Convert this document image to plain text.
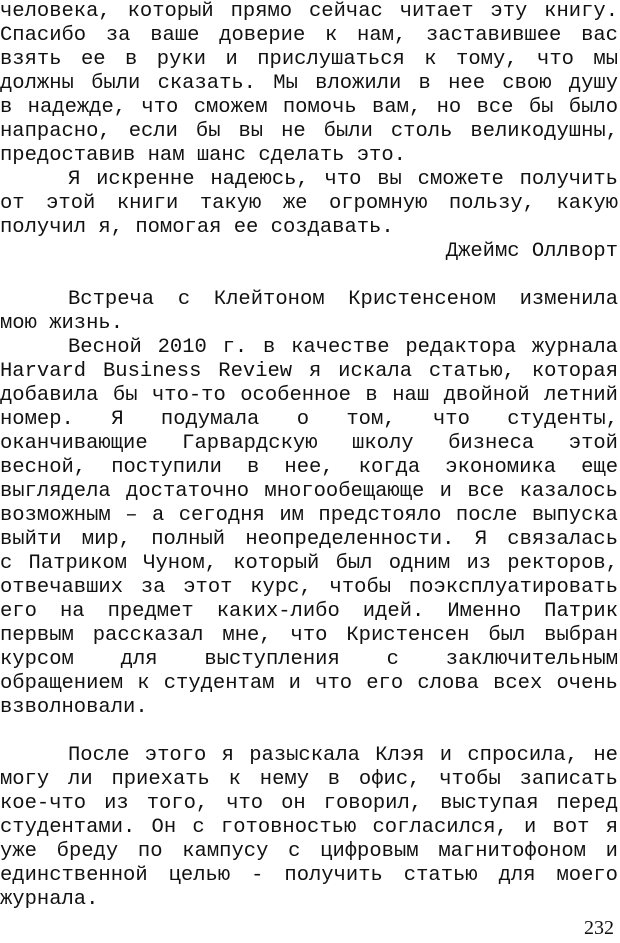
человека, который прямо сейчас читает эту книгу.
Спасибо за ваше доверие к нам, заставившее вас
взять ее в руки и прислушаться к тому, что мы
должны были сказать. Мы вложили в нее свою душу
в надежде, что сможем помочь вам, но все бы было
напрасно, если бы вы не были столь великодушны,
предоставив нам шанс сделать это.
Я искренне надеюсь, что вы сможете получить
от этой книги такую же огромную пользу, какую
получил я, помогая ее создавать.
Джеймс Оллворт
Встреча с Клейтоном Кристенсеном изменила
мою жизнь.
Весной 2010 г. в качестве редактора журнала
Harvard Business Review я искала статью, которая
добавила бы что-то особенное в наш двойной летний
номер. Я подумала о том, что студенты,
оканчивающие Гарвардскую школу бизнеса этой
весной, поступили в нее, когда экономика еще
выглядела достаточно многообещающе и все казалось
возможным – а сегодня им предстояло после выпуска
выйти мир, полный неопределенности. Я связалась
с Патриком Чуном, который был одним из ректоров,
отвечавших за этот курс, чтобы поэксплуатировать
его на предмет каких-либо идей. Именно Патрик
первым рассказал мне, что Кристенсен был выбран
курсом для выступления с заключительным
обращением к студентам и что его слова всех очень
взволновали.
После этого я разыскала Клэя и спросила, не
могу ли приехать к нему в офис, чтобы записать
кое-что из того, что он говорил, выступая перед
студентами. Он с готовностью согласился, и вот я
уже бреду по кампусу с цифровым магнитофоном и
единственной целью - получить статью для моего
журнала.
232
